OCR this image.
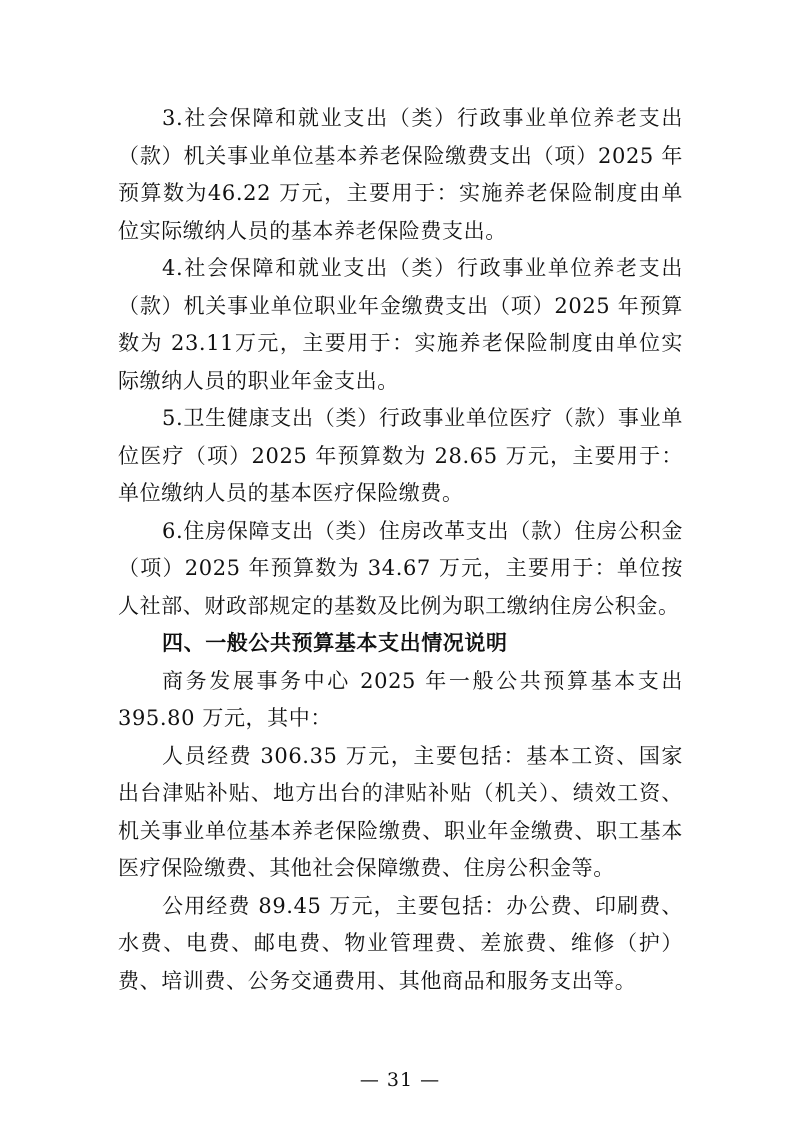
3.社会保障和就业支出（类）行政事业单位养老支出（款）机关事业单位基本养老保险缴费支出（项）2025 年预算数为46.22 万元，主要用于：实施养老保险制度由单位实际缴纳人员的基本养老保险费支出。

4.社会保障和就业支出（类）行政事业单位养老支出（款）机关事业单位职业年金缴费支出（项）2025 年预算数为 23.11万元，主要用于：实施养老保险制度由单位实际缴纳人员的职业年金支出。

5.卫生健康支出（类）行政事业单位医疗（款）事业单位医疗（项）2025 年预算数为 28.65 万元，主要用于：单位缴纳人员的基本医疗保险缴费。

6.住房保障支出（类）住房改革支出（款）住房公积金（项）2025 年预算数为 34.67 万元，主要用于：单位按人社部、财政部规定的基数及比例为职工缴纳住房公积金。

四、一般公共预算基本支出情况说明

商务发展事务中心 2025 年一般公共预算基本支出395.80 万元，其中：

人员经费 306.35 万元，主要包括：基本工资、国家出台津贴补贴、地方出台的津贴补贴（机关）、绩效工资、机关事业单位基本养老保险缴费、职业年金缴费、职工基本医疗保险缴费、其他社会保障缴费、住房公积金等。

公用经费 89.45 万元，主要包括：办公费、印刷费、水费、电费、邮电费、物业管理费、差旅费、维修（护）费、培训费、公务交通费用、其他商品和服务支出等。

— 31 —
